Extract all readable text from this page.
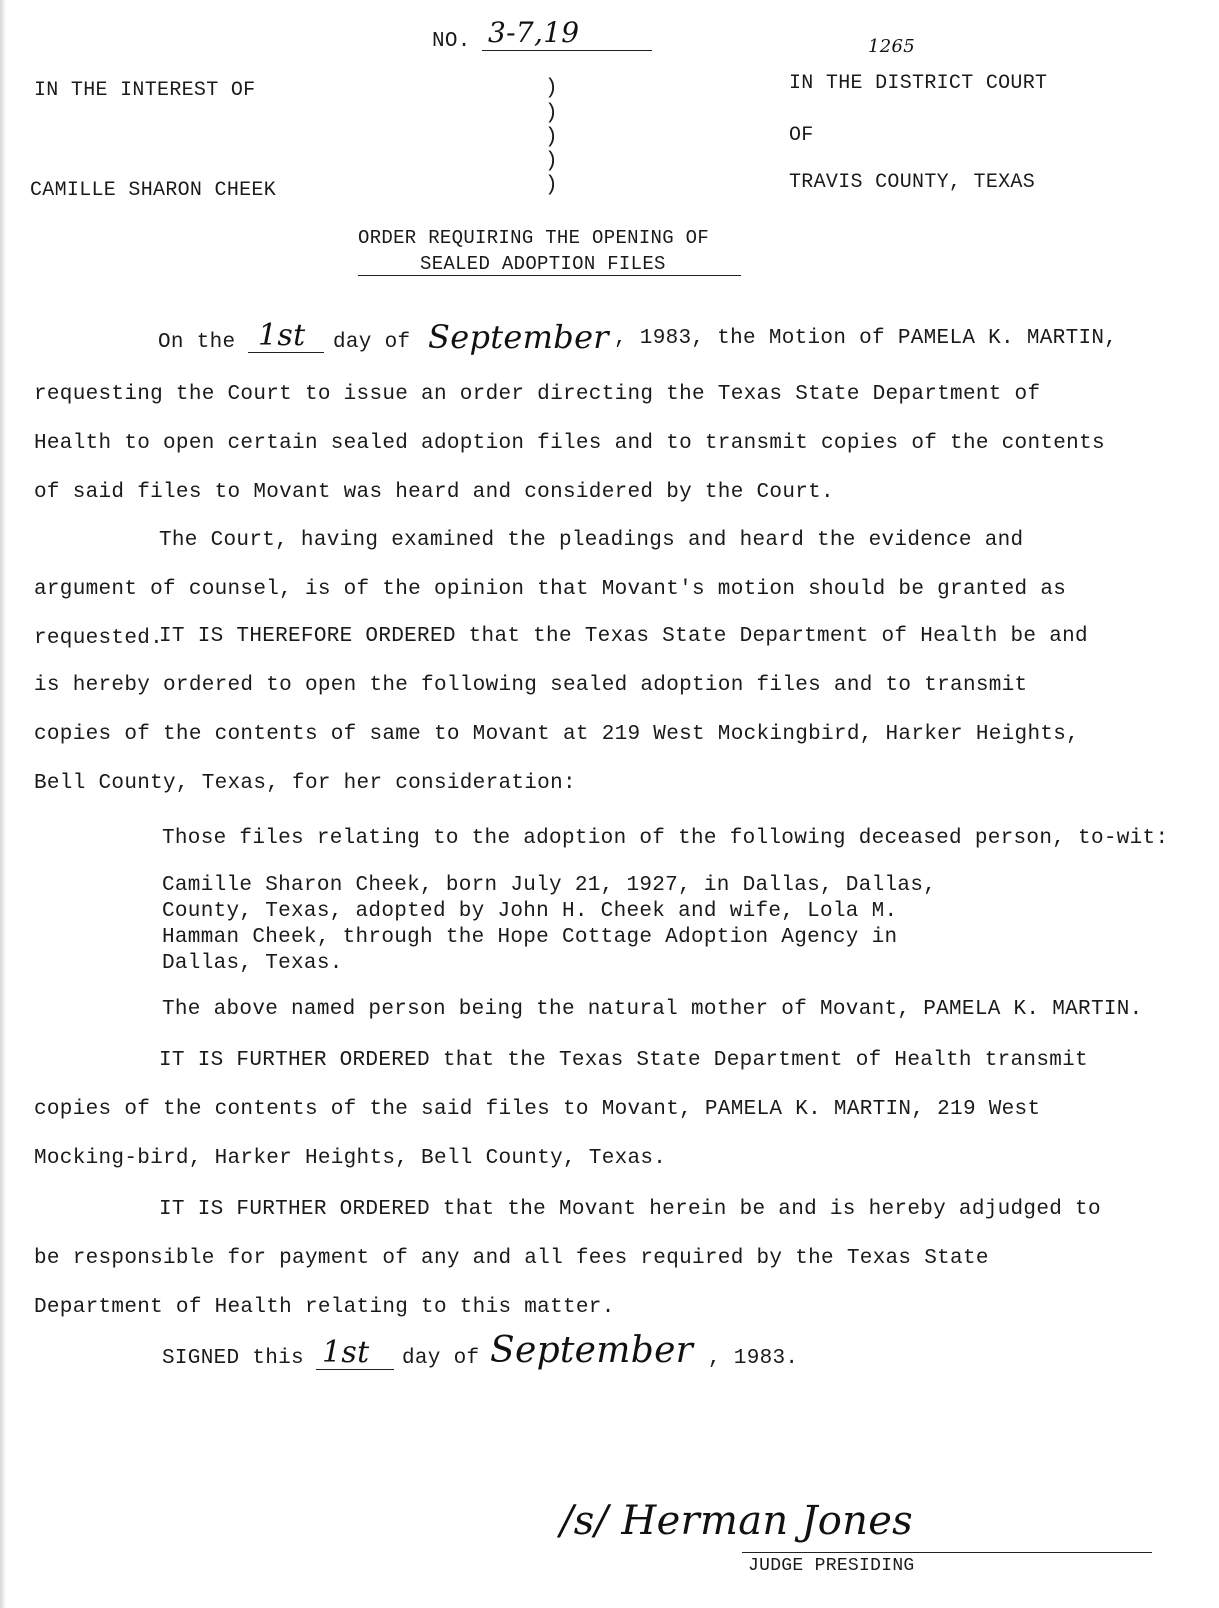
NO. 3-7,19	1265
IN THE INTEREST OF
CAMILLE SHARON CHEEK
)
)
)
)
)
IN THE DISTRICT COURT
OF
TRAVIS COUNTY, TEXAS
ORDER REQUIRING THE OPENING OF
SEALED ADOPTION FILES
On the 1st day of September , 1983, the Motion of PAMELA K. MARTIN,
requesting the Court to issue an order directing the Texas State Department of Health to open certain sealed adoption files and to transmit copies of the contents of said files to Movant was heard and considered by the Court.
The Court, having examined the pleadings and heard the evidence and argument of counsel, is of the opinion that Movant's motion should be granted as requested.
IT IS THEREFORE ORDERED that the Texas State Department of Health be and is hereby ordered to open the following sealed adoption files and to transmit copies of the contents of same to Movant at 219 West Mockingbird, Harker Heights, Bell County, Texas, for her consideration:
Those files relating to the adoption of the following deceased person, to-wit:
Camille Sharon Cheek, born July 21, 1927, in Dallas, Dallas,
County, Texas, adopted by John H. Cheek and wife, Lola M.
Hamman Cheek, through the Hope Cottage Adoption Agency in
Dallas, Texas.
The above named person being the natural mother of Movant, PAMELA K. MARTIN.
IT IS FURTHER ORDERED that the Texas State Department of Health transmit copies of the contents of the said files to Movant, PAMELA K. MARTIN, 219 West Mocking-bird, Harker Heights, Bell County, Texas.
IT IS FURTHER ORDERED that the Movant herein be and is hereby adjudged to be responsible for payment of any and all fees required by the Texas State Department of Health relating to this matter.
SIGNED this 1st day of September , 1983.
/s/ Herman Jones
JUDGE PRESIDING
